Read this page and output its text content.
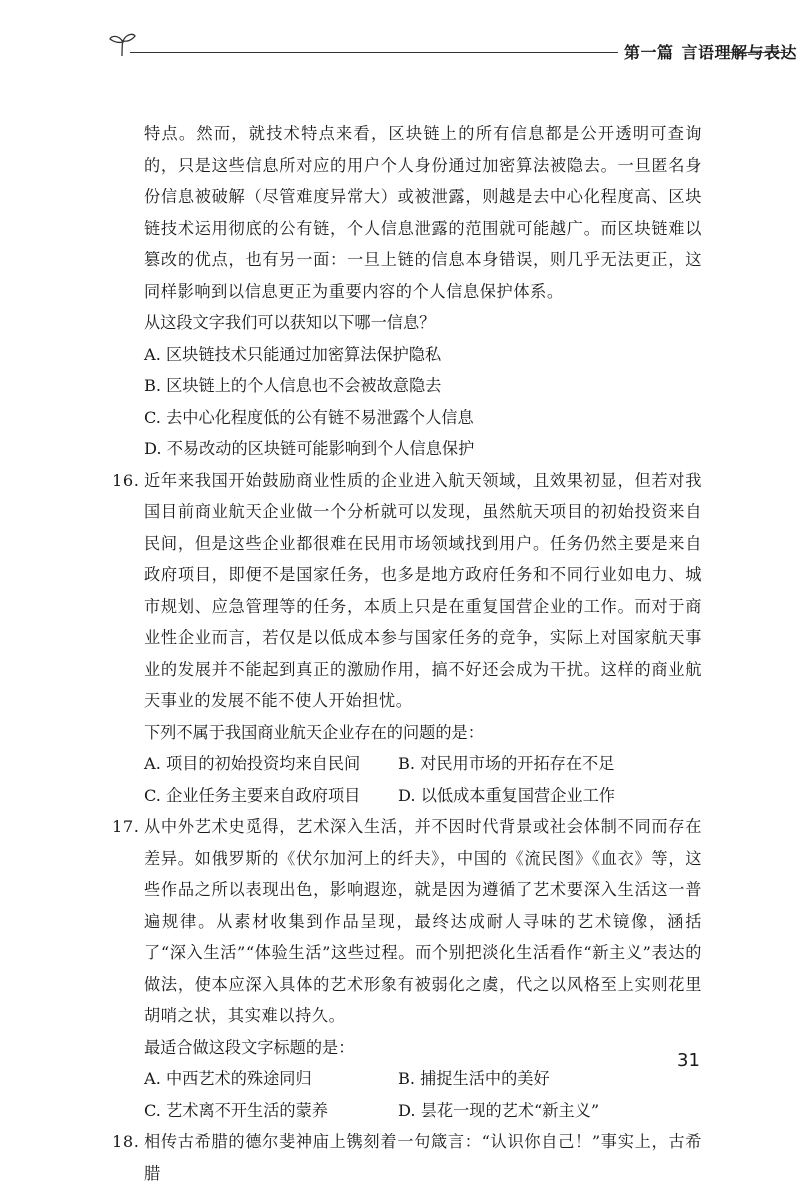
第一篇 言语理解与表达

特点。然而，就技术特点来看，区块链上的所有信息都是公开透明可查询的，只是这些信息所对应的用户个人身份通过加密算法被隐去。一旦匿名身份信息被破解（尽管难度异常大）或被泄露，则越是去中心化程度高、区块链技术运用彻底的公有链，个人信息泄露的范围就可能越广。而区块链难以篡改的优点，也有另一面：一旦上链的信息本身错误，则几乎无法更正，这同样影响到以信息更正为重要内容的个人信息保护体系。

从这段文字我们可以获知以下哪一信息？

A. 区块链技术只能通过加密算法保护隐私

B. 区块链上的个人信息也不会被故意隐去

C. 去中心化程度低的公有链不易泄露个人信息

D. 不易改动的区块链可能影响到个人信息保护

16. 近年来我国开始鼓励商业性质的企业进入航天领域，且效果初显，但若对我国目前商业航天企业做一个分析就可以发现，虽然航天项目的初始投资来自民间，但是这些企业都很难在民用市场领域找到用户。任务仍然主要是来自政府项目，即便不是国家任务，也多是地方政府任务和不同行业如电力、城市规划、应急管理等的任务，本质上只是在重复国营企业的工作。而对于商业性企业而言，若仅是以低成本参与国家任务的竞争，实际上对国家航天事业的发展并不能起到真正的激励作用，搞不好还会成为干扰。这样的商业航天事业的发展不能不使人开始担忧。

下列不属于我国商业航天企业存在的问题的是：

A. 项目的初始投资均来自民间	B. 对民用市场的开拓存在不足
C. 企业任务主要来自政府项目	D. 以低成本重复国营企业工作
17. 从中外艺术史觅得，艺术深入生活，并不因时代背景或社会体制不同而存在差异。如俄罗斯的《伏尔加河上的纤夫》，中国的《流民图》《血衣》等，这些作品之所以表现出色，影响遐迩，就是因为遵循了艺术要深入生活这一普遍规律。从素材收集到作品呈现，最终达成耐人寻味的艺术镜像，涵括了“深入生活”“体验生活”这些过程。而个别把淡化生活看作“新主义”表达的做法，使本应深入具体的艺术形象有被弱化之虞，代之以风格至上实则花里胡哨之状，其实难以持久。

最适合做这段文字标题的是：

A. 中西艺术的殊途同归	B. 捕捉生活中的美好
C. 艺术离不开生活的蒙养	D. 昙花一现的艺术“新主义”
18. 相传古希腊的德尔斐神庙上镌刻着一句箴言：“认识你自己！”事实上，古希腊
31
